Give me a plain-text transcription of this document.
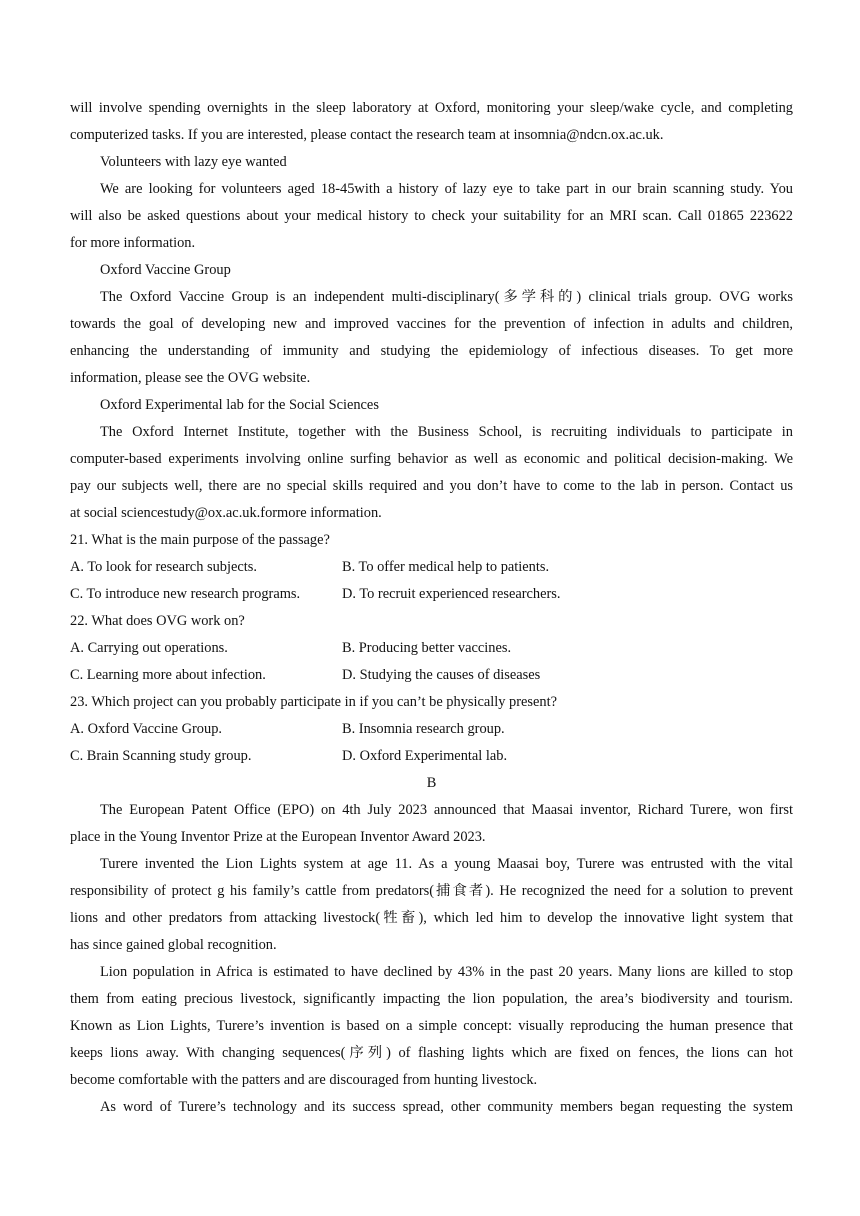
will involve spending overnights in the sleep laboratory at Oxford, monitoring your sleep/wake cycle, and completing
computerized tasks. If you are interested, please contact the research team at insomnia@ndcn.ox.ac.uk.
Volunteers with lazy eye wanted
We are looking for volunteers aged 18-45with a history of lazy eye to take part in our brain scanning study. You
will also be asked questions about your medical history to check your suitability for an MRI scan. Call 01865 223622
for more information.
Oxford Vaccine Group
The Oxford Vaccine Group is an independent multi-disciplinary(多学科的) clinical trials group. OVG works
towards the goal of developing new and improved vaccines for the prevention of infection in adults and children,
enhancing the understanding of immunity and studying the epidemiology of infectious diseases. To get more
information, please see the OVG website.
Oxford Experimental lab for the Social Sciences
The Oxford Internet Institute, together with the Business School, is recruiting individuals to participate in
computer-based experiments involving online surfing behavior as well as economic and political decision-making. We
pay our subjects well, there are no special skills required and you don’t have to come to the lab in person. Contact us
at social sciencestudy@ox.ac.uk.formore information.
21. What is the main purpose of the passage?
A. To look for research subjects.	B. To offer medical help to patients.
C. To introduce new research programs.	D. To recruit experienced researchers.
22. What does OVG work on?
A. Carrying out operations.	B. Producing better vaccines.
C. Learning more about infection.	D. Studying the causes of diseases
23. Which project can you probably participate in if you can’t be physically present?
A. Oxford Vaccine Group.	B. Insomnia research group.
C. Brain Scanning study group.	D. Oxford Experimental lab.
B
The European Patent Office (EPO) on 4th July 2023 announced that Maasai inventor, Richard Turere, won first
place in the Young Inventor Prize at the European Inventor Award 2023.
Turere invented the Lion Lights system at age 11. As a young Maasai boy, Turere was entrusted with the vital
responsibility of protect g his family’s cattle from predators(捕食者). He recognized the need for a solution to prevent
lions and other predators from attacking livestock(牲畜), which led him to develop the innovative light system that
has since gained global recognition.
Lion population in Africa is estimated to have declined by 43% in the past 20 years. Many lions are killed to stop
them from eating precious livestock, significantly impacting the lion population, the area’s biodiversity and tourism.
Known as Lion Lights, Turere’s invention is based on a simple concept: visually reproducing the human presence that
keeps lions away. With changing sequences(序列) of flashing lights which are fixed on fences, the lions can hot
become comfortable with the patters and are discouraged from hunting livestock.
As word of Turere’s technology and its success spread, other community members began requesting the system
